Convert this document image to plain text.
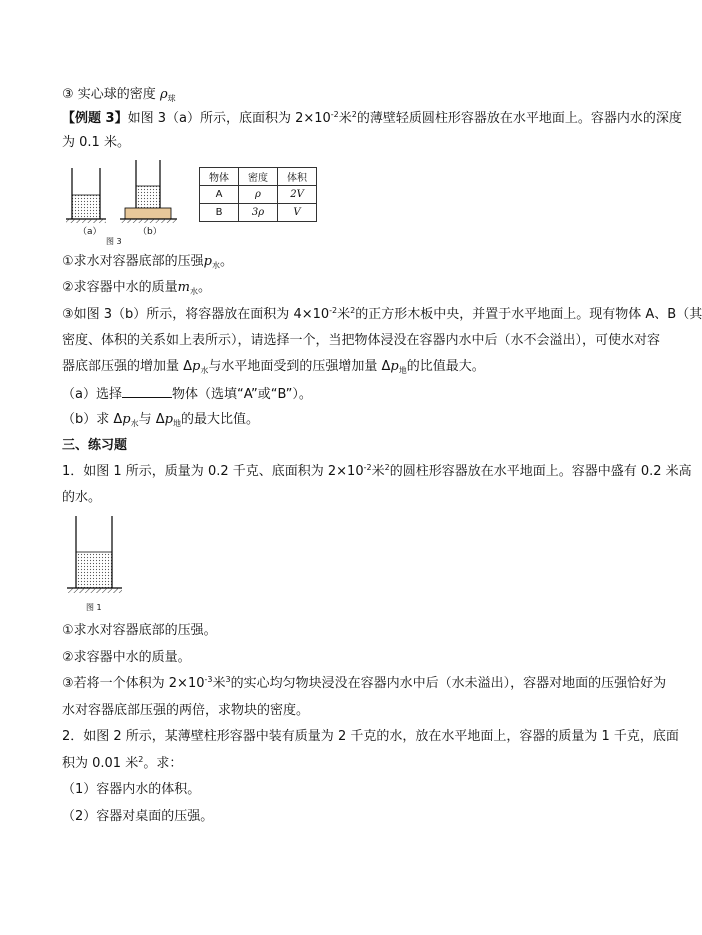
③ 实心球的密度 $\rho_球$
【例题 3】如图 3（a）所示，底面积为 $2\times 10^{-2}$米$^2$的薄壁轻质圆柱形容器放在水平地面上。容器内水的深度
为 0.1 米。
（a）	（b）
图 3
物体	密度	体积
A	ρ	2V
B	3ρ	V
①求水对容器底部的压强$p_水$。
②求容器中水的质量$m_水$。
③如图 3（b）所示，将容器放在面积为 $4\times 10^{-2}$米$^2$的正方形木板中央，并置于水平地面上。现有物体 A、B（其
密度、体积的关系如上表所示），请选择一个，当把物体浸没在容器内水中后（水不会溢出），可使水对容
器底部压强的增加量 $\Delta p_水$与水平地面受到的压强增加量 $\Delta p_地$的比值最大。
（a）选择	物体（选填“A”或“B”）。
（b）求 $\Delta p_水$与 $\Delta p_地$的最大比值。
三、练习题
1．如图 1 所示，质量为 0.2 千克、底面积为 $2\times 10^{-2}$米$^2$的圆柱形容器放在水平地面上。容器中盛有 0.2 米高
的水。
图 1
①求水对容器底部的压强。
②求容器中水的质量。
③若将一个体积为 $2\times 10^{-3}$米$^3$的实心均匀物块浸没在容器内水中后（水未溢出），容器对地面的压强恰好为
水对容器底部压强的两倍，求物块的密度。
2．如图 2 所示，某薄壁柱形容器中装有质量为 2 千克的水，放在水平地面上，容器的质量为 1 千克，底面
积为 0.01 米$^2$。求：
（1）容器内水的体积。
（2）容器对桌面的压强。
